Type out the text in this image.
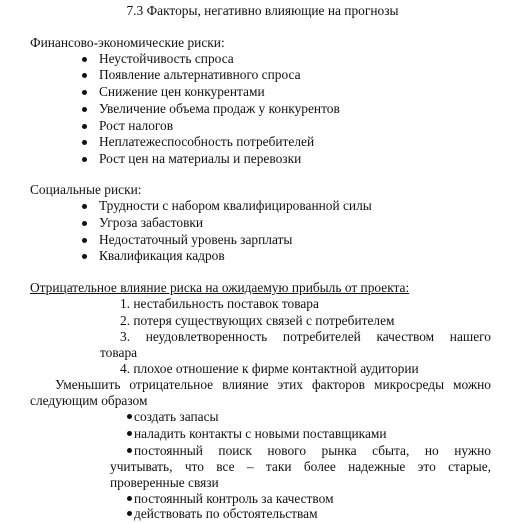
7.3 Факторы, негативно влияющие на прогнозы
Финансово-экономические риски:
Неустойчивость спроса
Появление альтернативного спроса
Снижение цен конкурентами
Увеличение объема продаж у конкурентов
Рост налогов
Неплатежеспособность потребителей
Рост цен на материалы и перевозки
Социальные риски:
Трудности с набором квалифицированной силы
Угроза забастовки
Недостаточный уровень зарплаты
Квалификация кадров
Отрицательное влияние риска на ожидаемую прибыль от проекта:
1. нестабильность поставок товара
2. потеря существующих связей с потребителем
3. неудовлетворенность потребителей качеством нашего
товара
4. плохое отношение к фирме контактной аудитории
Уменьшить отрицательное влияние этих факторов микросреды можно
следующим образом
создать запасы
наладить контакты с новыми поставщиками
постоянный поиск нового рынка сбыта, но нужно
учитывать, что все – таки более надежные это старые,
проверенные связи
постоянный контроль за качеством
действовать по обстоятельствам
